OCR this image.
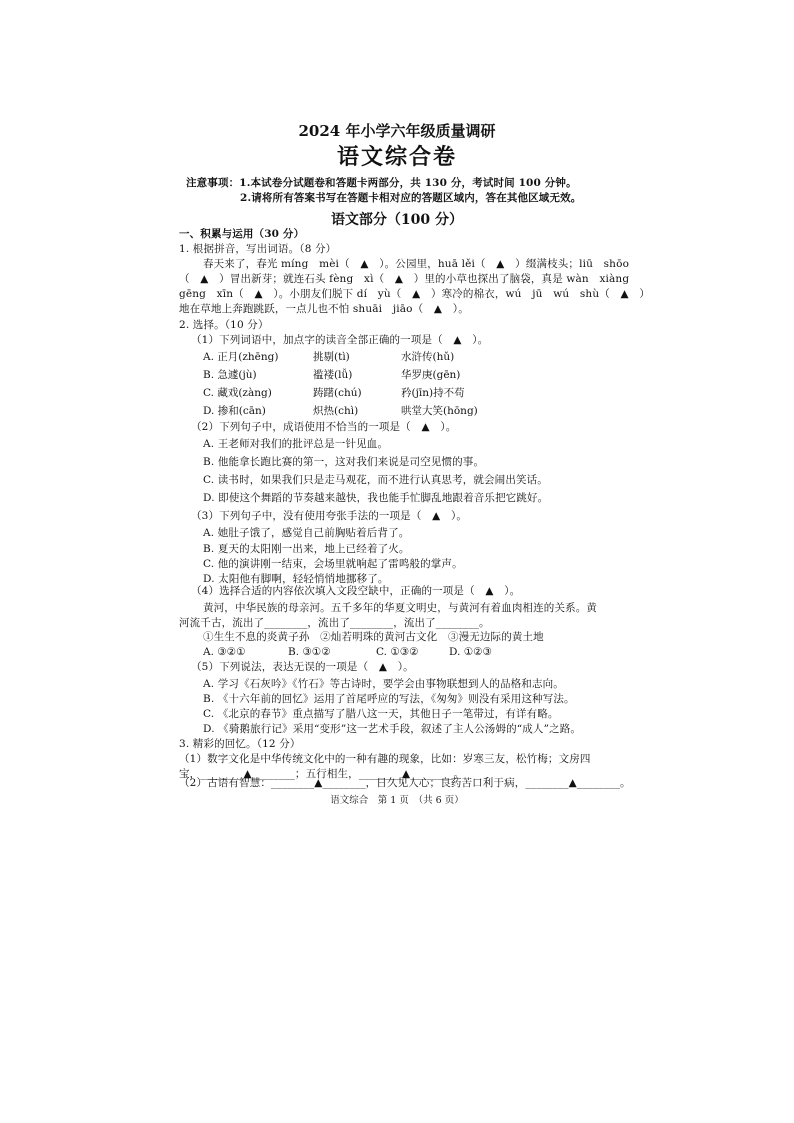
2024 年小学六年级质量调研
语文综合卷
注意事项：1.本试卷分试题卷和答题卡两部分，共 130 分，考试时间 100 分钟。
2.请将所有答案书写在答题卡相对应的答题区域内，答在其他区域无效。
语文部分（100 分）
一、积累与运用（30 分）
1. 根据拼音，写出词语。（8 分）
春天来了，春光 míng　mèi（　▲　）。公园里，huā lěi（　▲　）缀满枝头；liū　shōo
（　▲　）冒出新芽；就连石头 fèng　xì（　▲　）里的小草也探出了脑袋，真是 wàn　xiàng
gēng　xīn（　▲　）。小朋友们脱下 dí　yù（　▲　）寒冷的棉衣，wú　jū　wú　shù（　▲　）
地在草地上奔跑跳跃，一点儿也不怕 shuāi　jiāo（　▲　）。
2. 选择。（10 分）
（1）下列词语中，加点字的读音全部正确的一项是（　▲　）。
A. 正月(zhēng)	挑剔(tì)	水浒传(hǔ)
B. 急遽(jù)	褴褛(lǚ)	华罗庚(gēn)
C. 藏戏(zàng)	踌躇(chú)	矜(jīn)持不苟
D. 掺和(cān)	炽热(chì)	哄堂大笑(hōng)
（2）下列句子中，成语使用不恰当的一项是（　▲　）。
A. 王老师对我们的批评总是一针见血。
B. 他能拿长跑比赛的第一，这对我们来说是司空见惯的事。
C. 读书时，如果我们只是走马观花，而不进行认真思考，就会闹出笑话。
D. 即使这个舞蹈的节奏越来越快，我也能手忙脚乱地跟着音乐把它跳好。
（3）下列句子中，没有使用夸张手法的一项是（　▲　）。
A. 她肚子饿了，感觉自己前胸贴着后背了。
B. 夏天的太阳刚一出来，地上已经着了火。
C. 他的演讲刚一结束，会场里就响起了雷鸣般的掌声。
D. 太阳他有脚啊，轻轻悄悄地挪移了。
（4）选择合适的内容依次填入文段空缺中，正确的一项是（　▲　）。
黄河，中华民族的母亲河。五千多年的华夏文明史，与黄河有着血肉相连的关系。黄
河流千古，流出了________，流出了________，流出了________。
①生生不息的炎黄子孙　②灿若明珠的黄河古文化　③漫无边际的黄土地
A. ③②①	B. ③①②	C. ①③②	D. ①②③
（5）下列说法，表达无误的一项是（　▲　）。
A. 学习《石灰吟》《竹石》等古诗时，要学会由事物联想到人的品格和志向。
B. 《十六年前的回忆》运用了首尾呼应的写法，《匆匆》则没有采用这种写法。
C. 《北京的春节》重点描写了腊八这一天，其他日子一笔带过，有详有略。
D. 《骑鹅旅行记》采用“变形”这一艺术手段，叙述了主人公汤姆的“成人”之路。
3. 精彩的回忆。（12 分）
（1）数字文化是中华传统文化中的一种有趣的现象，比如：岁寒三友，松竹梅；文房四
宝，________▲________；五行相生，________▲________。
（2）古语有智慧：________▲________，日久见人心；良药苦口利于病，________▲________。
语文综合　第 1 页　（共 6 页）
